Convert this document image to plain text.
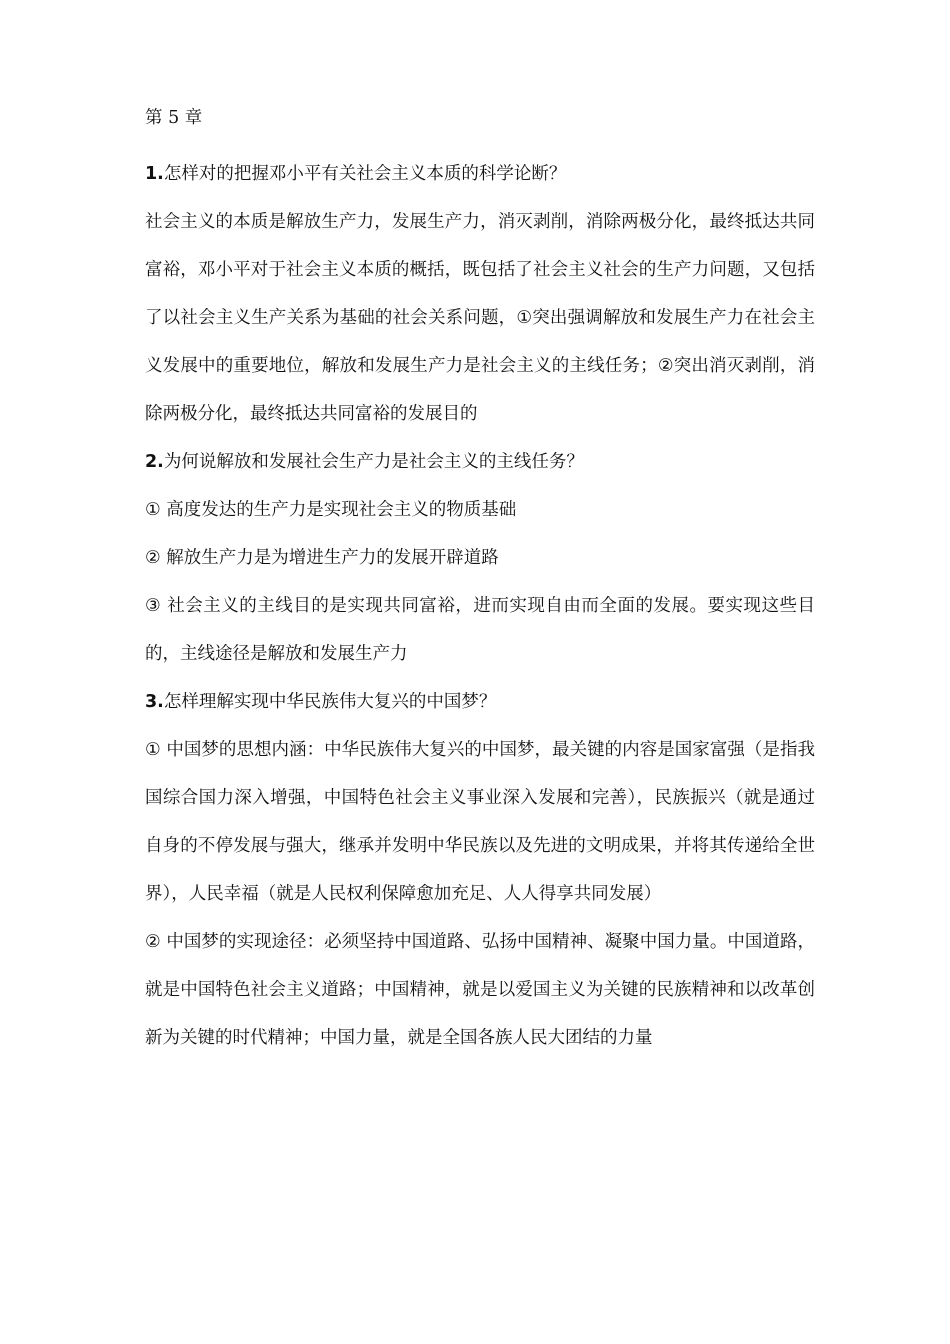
第 5 章

1.怎样对的把握邓小平有关社会主义本质的科学论断？

社会主义的本质是解放生产力，发展生产力，消灭剥削，消除两极分化，最终抵达共同富裕，邓小平对于社会主义本质的概括，既包括了社会主义社会的生产力问题，又包括了以社会主义生产关系为基础的社会关系问题，①突出强调解放和发展生产力在社会主义发展中的重要地位，解放和发展生产力是社会主义的主线任务；②突出消灭剥削，消除两极分化，最终抵达共同富裕的发展目的

2.为何说解放和发展社会生产力是社会主义的主线任务？

① 高度发达的生产力是实现社会主义的物质基础

② 解放生产力是为增进生产力的发展开辟道路

③ 社会主义的主线目的是实现共同富裕，进而实现自由而全面的发展。要实现这些目的，主线途径是解放和发展生产力

3.怎样理解实现中华民族伟大复兴的中国梦？

① 中国梦的思想内涵：中华民族伟大复兴的中国梦，最关键的内容是国家富强（是指我国综合国力深入增强，中国特色社会主义事业深入发展和完善），民族振兴（就是通过自身的不停发展与强大，继承并发明中华民族以及先进的文明成果，并将其传递给全世界），人民幸福（就是人民权利保障愈加充足、人人得享共同发展）

② 中国梦的实现途径：必须坚持中国道路、弘扬中国精神、凝聚中国力量。中国道路，就是中国特色社会主义道路；中国精神，就是以爱国主义为关键的民族精神和以改革创新为关键的时代精神；中国力量，就是全国各族人民大团结的力量
